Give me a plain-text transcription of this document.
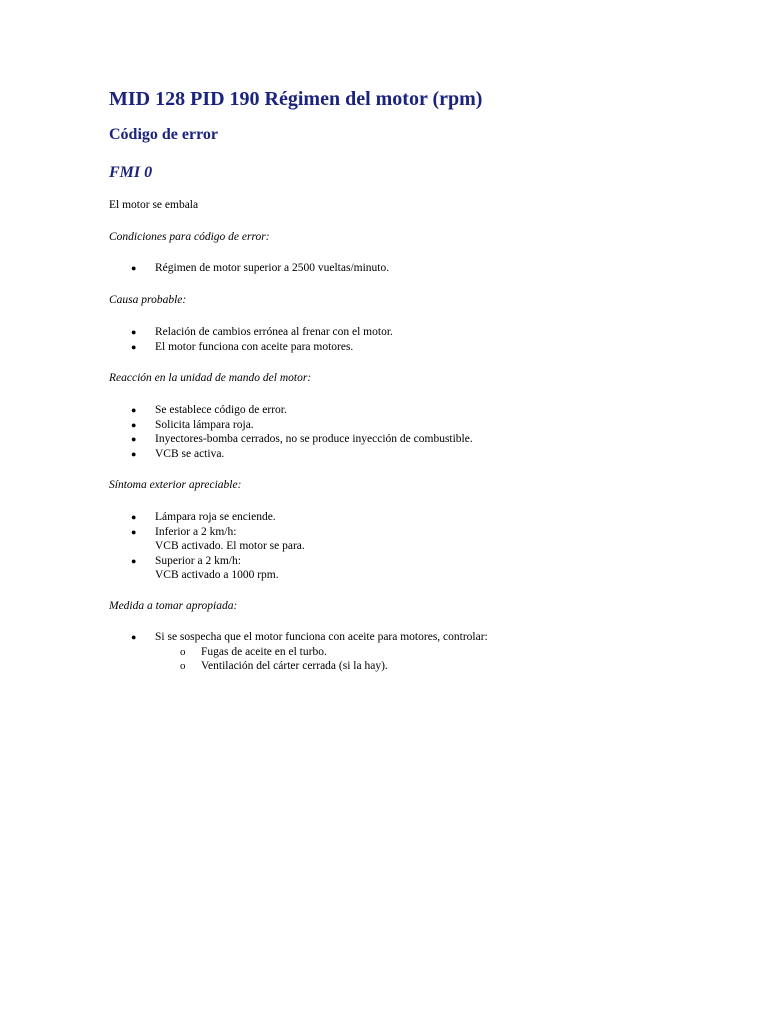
MID 128 PID 190 Régimen del motor (rpm)
Código de error
FMI 0
El motor se embala
Condiciones para código de error:
● Régimen de motor superior a 2500 vueltas/minuto.
Causa probable:
● Relación de cambios errónea al frenar con el motor.
● El motor funciona con aceite para motores.
Reacción en la unidad de mando del motor:
● Se establece código de error.
● Solicita lámpara roja.
● Inyectores-bomba cerrados, no se produce inyección de combustible.
● VCB se activa.
Síntoma exterior apreciable:
● Lámpara roja se enciende.
● Inferior a 2 km/h:
VCB activado. El motor se para.
● Superior a 2 km/h:
VCB activado a 1000 rpm.
Medida a tomar apropiada:
● Si se sospecha que el motor funciona con aceite para motores, controlar:
o Fugas de aceite en el turbo.
o Ventilación del cárter cerrada (si la hay).
